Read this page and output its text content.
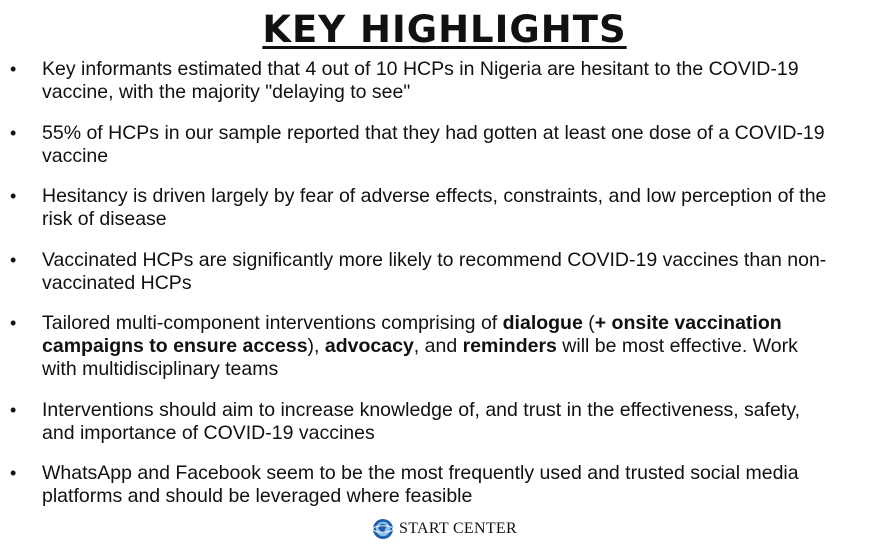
KEY HIGHLIGHTS
• Key informants estimated that 4 out of 10 HCPs in Nigeria are hesitant to the COVID-19 vaccine, with the majority "delaying to see"
• 55% of HCPs in our sample reported that they had gotten at least one dose of a COVID-19 vaccine
• Hesitancy is driven largely by fear of adverse effects, constraints, and low perception of the risk of disease
• Vaccinated HCPs are significantly more likely to recommend COVID-19 vaccines than non-vaccinated HCPs
• Tailored multi-component interventions comprising of dialogue (+ onsite vaccination campaigns to ensure access), advocacy, and reminders will be most effective. Work with multidisciplinary teams
• Interventions should aim to increase knowledge of, and trust in the effectiveness, safety, and importance of COVID-19 vaccines
• WhatsApp and Facebook seem to be the most frequently used and trusted social media platforms and should be leveraged where feasible
START CENTER
